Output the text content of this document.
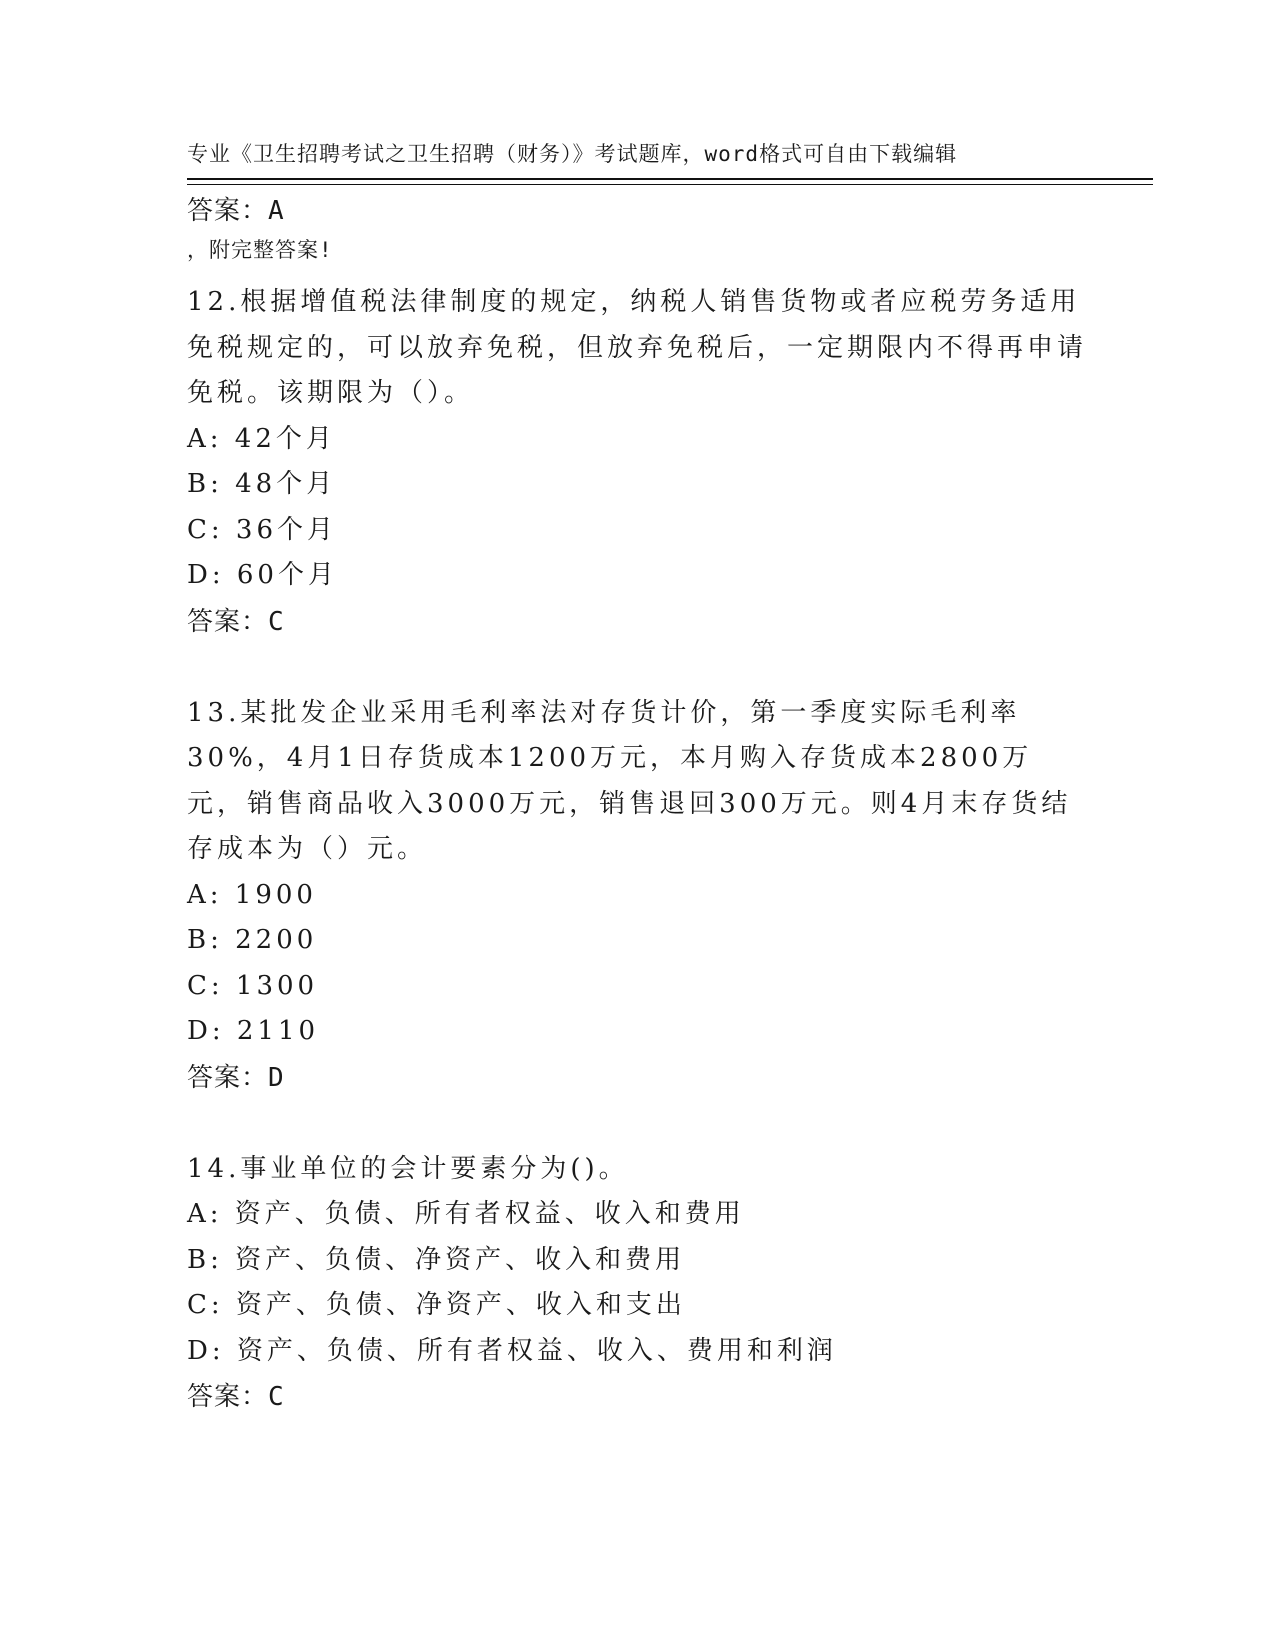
专业《卫生招聘考试之卫生招聘（财务）》考试题库，word格式可自由下载编辑

，附完整答案!

答案：A
12.根据增值税法律制度的规定，纳税人销售货物或者应税劳务适用免税规定的，可以放弃免税，但放弃免税后，一定期限内不得再申请免税。该期限为（）。
A: 42个月
B: 48个月
C: 36个月
D: 60个月
答案：C
13.某批发企业采用毛利率法对存货计价，第一季度实际毛利率30%，4月1日存货成本1200万元，本月购入存货成本2800万元，销售商品收入3000万元，销售退回300万元。则4月末存货结存成本为（）元。
A: 1900
B: 2200
C: 1300
D: 2110
答案：D
14.事业单位的会计要素分为()。
A: 资产、负债、所有者权益、收入和费用
B: 资产、负债、净资产、收入和费用
C: 资产、负债、净资产、收入和支出
D: 资产、负债、所有者权益、收入、费用和利润
答案：C
